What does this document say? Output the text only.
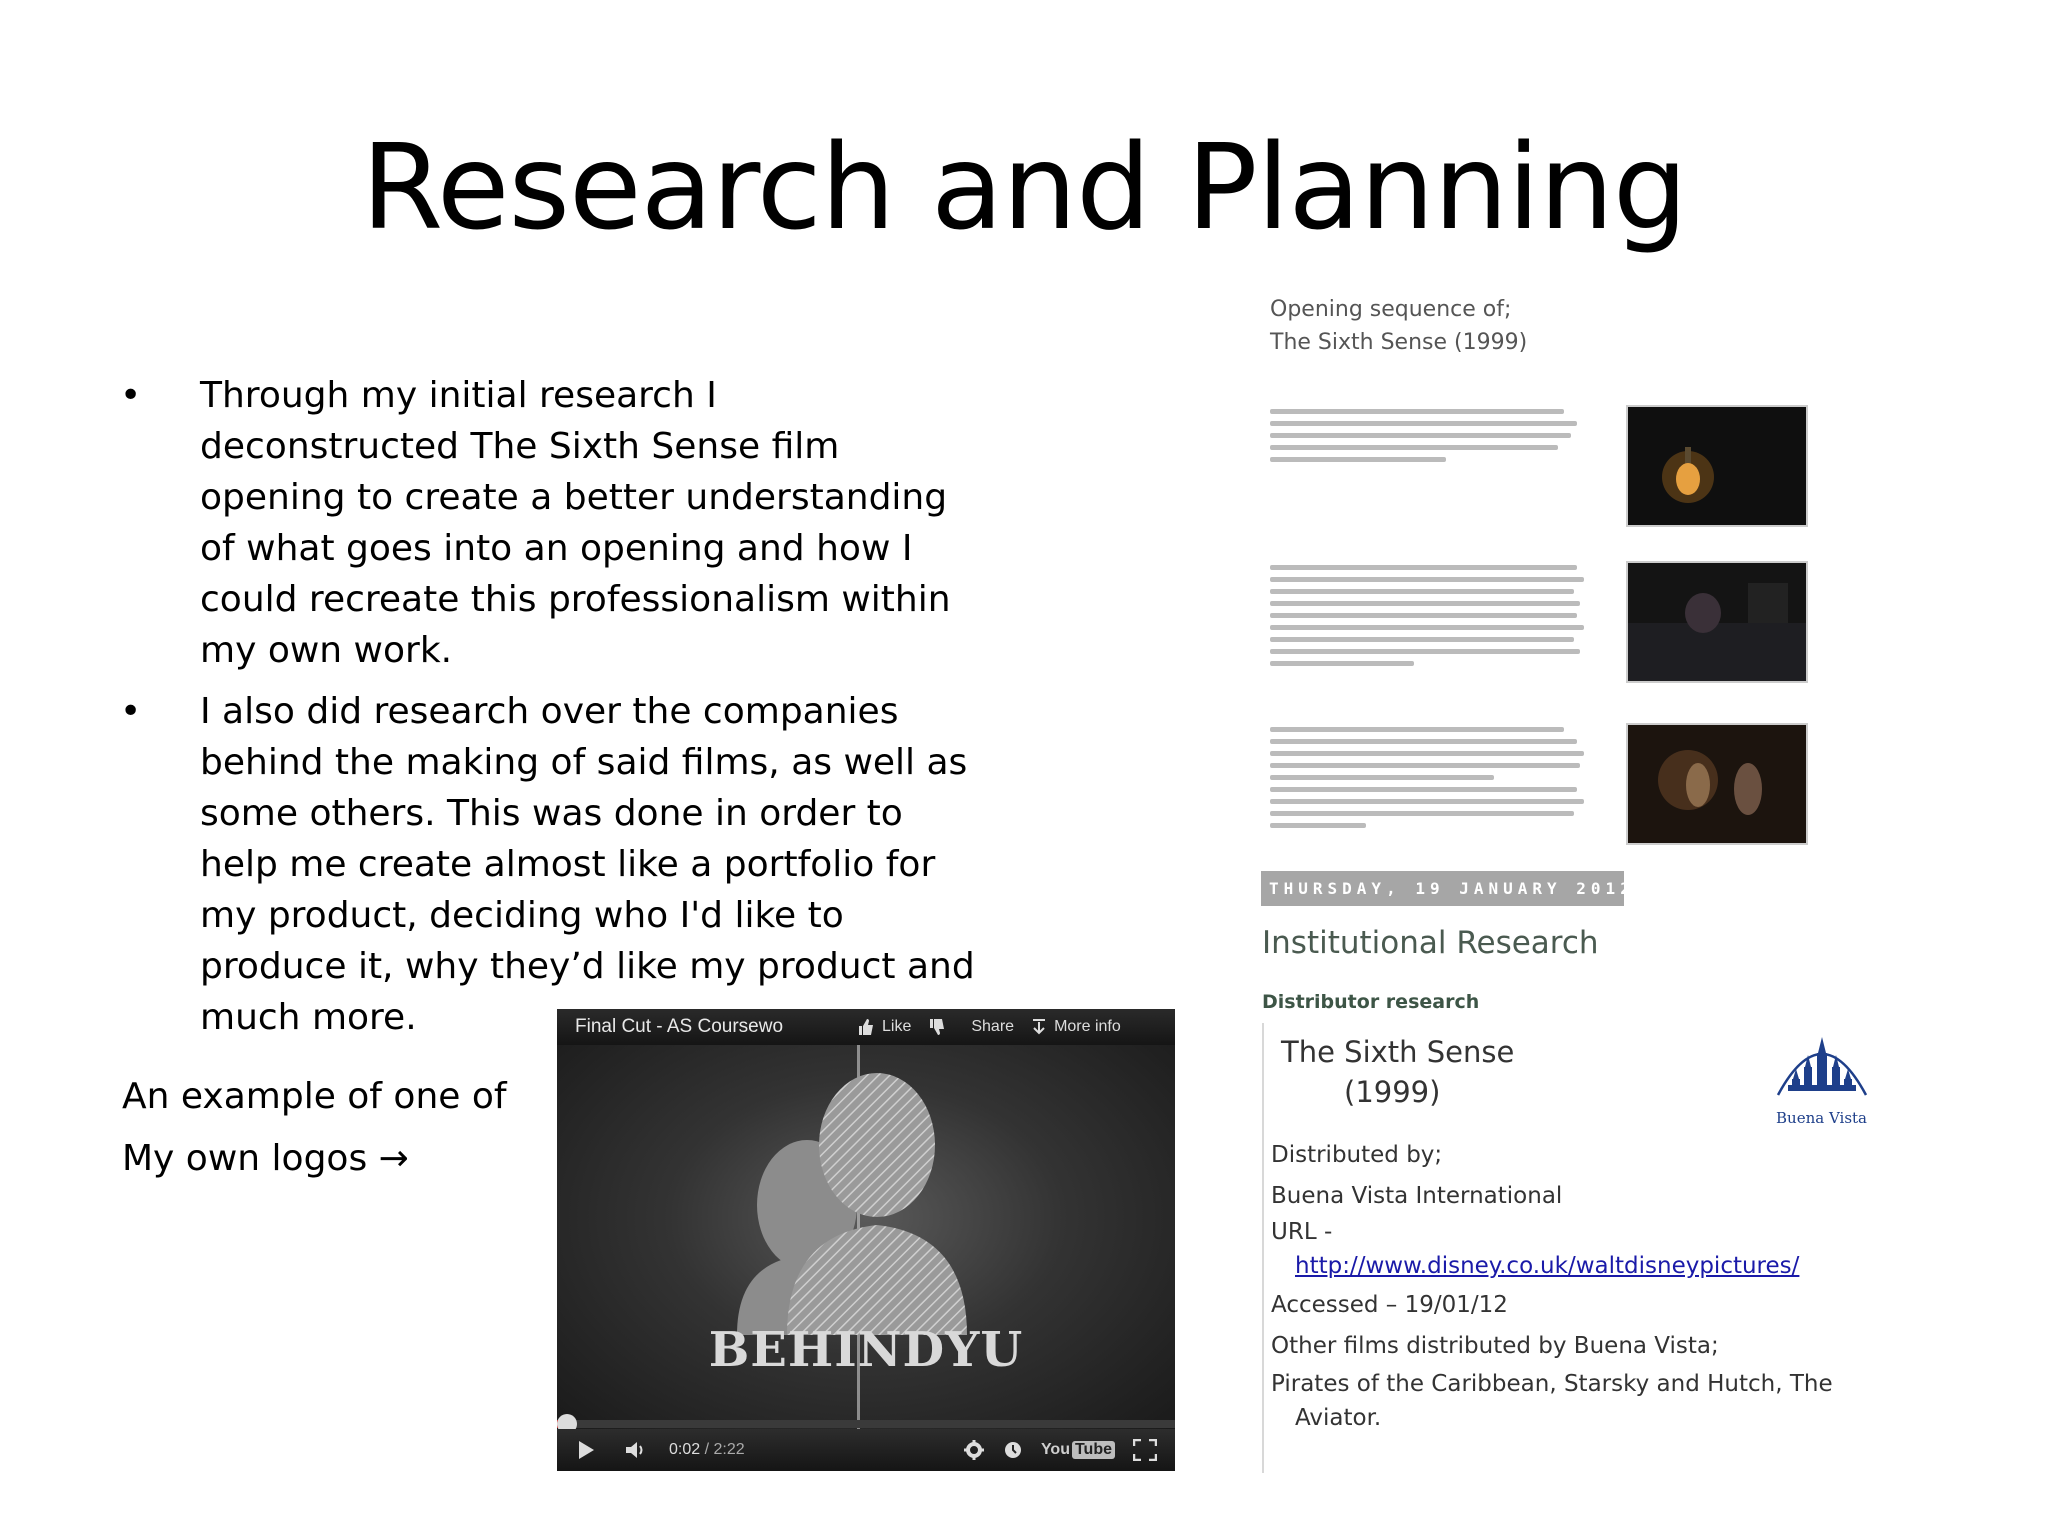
Research and Planning
• Through my initial research I deconstructed The Sixth Sense film opening to create a better understanding of what goes into an opening and how I could recreate this professionalism within my own work.
• I also did research over the companies behind the making of said films, as well as some others. This was done in order to help me create almost like a portfolio for my product, deciding who I'd like to produce it, why they’d like my product and much more.
An example of one of
My own logos →
Final Cut - AS Coursewo	Like	Share	More info
BEHINDYU
0:02 / 2:22	You Tube
Opening sequence of;
The Sixth Sense (1999)
THURSDAY, 19 JANUARY 2012
Institutional Research
Distributor research
The Sixth Sense
(1999)
Buena Vista
Distributed by;
Buena Vista International
URL -
http://www.disney.co.uk/waltdisneypictures/
Accessed – 19/01/12
Other films distributed by Buena Vista;
Pirates of the Caribbean, Starsky and Hutch, The
Aviator.
